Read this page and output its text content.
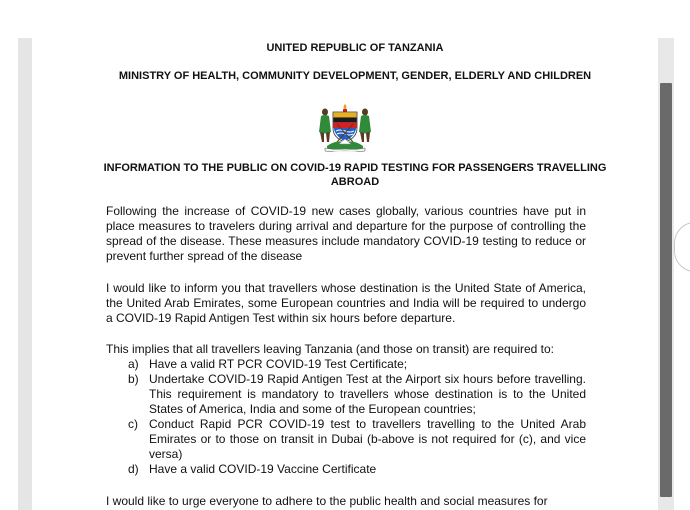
UNITED REPUBLIC OF TANZANIA

MINISTRY OF HEALTH, COMMUNITY DEVELOPMENT, GENDER, ELDERLY AND CHILDREN

INFORMATION TO THE PUBLIC ON COVID-19 RAPID TESTING FOR PASSENGERS TRAVELLING ABROAD

Following the increase of COVID-19 new cases globally, various countries have put in place measures to travelers during arrival and departure for the purpose of controlling the spread of the disease. These measures include mandatory COVID-19 testing to reduce or prevent further spread of the disease

I would like to inform you that travellers whose destination is the United State of America, the United Arab Emirates, some European countries and India will be required to undergo a COVID-19 Rapid Antigen Test within six hours before departure.

This implies that all travellers leaving Tanzania (and those on transit) are required to:

a) Have a valid RT PCR COVID-19 Test Certificate;
b) Undertake COVID-19 Rapid Antigen Test at the Airport six hours before travelling. This requirement is mandatory to travellers whose destination is to the United States of America, India and some of the European countries;
c) Conduct Rapid PCR COVID-19 test to travellers travelling to the United Arab Emirates or to those on transit in Dubai (b-above is not required for (c), and vice versa)
d) Have a valid COVID-19 Vaccine Certificate

I would like to urge everyone to adhere to the public health and social measures for
